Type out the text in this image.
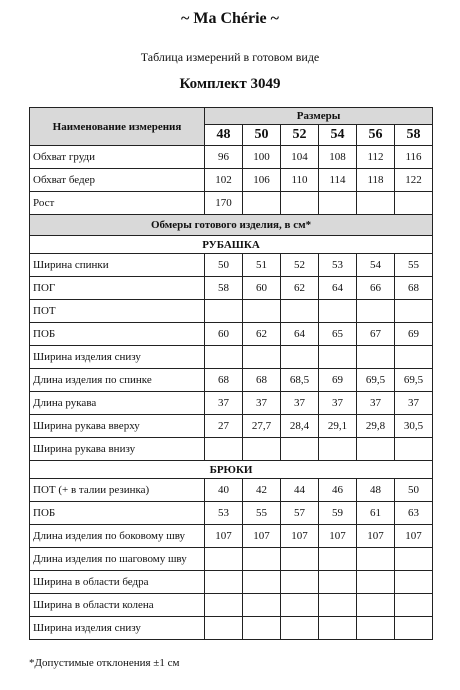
~ Ma Chérie ~
Таблица измерений в готовом виде
Комплект 3049
Наименование измерения	Размеры					
	48	50	52	54	56	58
Обхват груди	96	100	104	108	112	116
Обхват бедер	102	106	110	114	118	122
Рост	170					
Обмеры готового изделия, в см*						
РУБАШКА						
Ширина спинки	50	51	52	53	54	55
ПОГ	58	60	62	64	66	68
ПОТ						
ПОБ	60	62	64	65	67	69
Ширина изделия снизу						
Длина изделия по спинке	68	68	68,5	69	69,5	69,5
Длина рукава	37	37	37	37	37	37
Ширина рукава вверху	27	27,7	28,4	29,1	29,8	30,5
Ширина рукава внизу						
БРЮКИ						
ПОТ (+ в талии резинка)	40	42	44	46	48	50
ПОБ	53	55	57	59	61	63
Длина изделия по боковому шву	107	107	107	107	107	107
Длина изделия по шаговому шву						
Ширина в области бедра						
Ширина в области колена						
Ширина изделия снизу						
*Допустимые отклонения ±1 см
